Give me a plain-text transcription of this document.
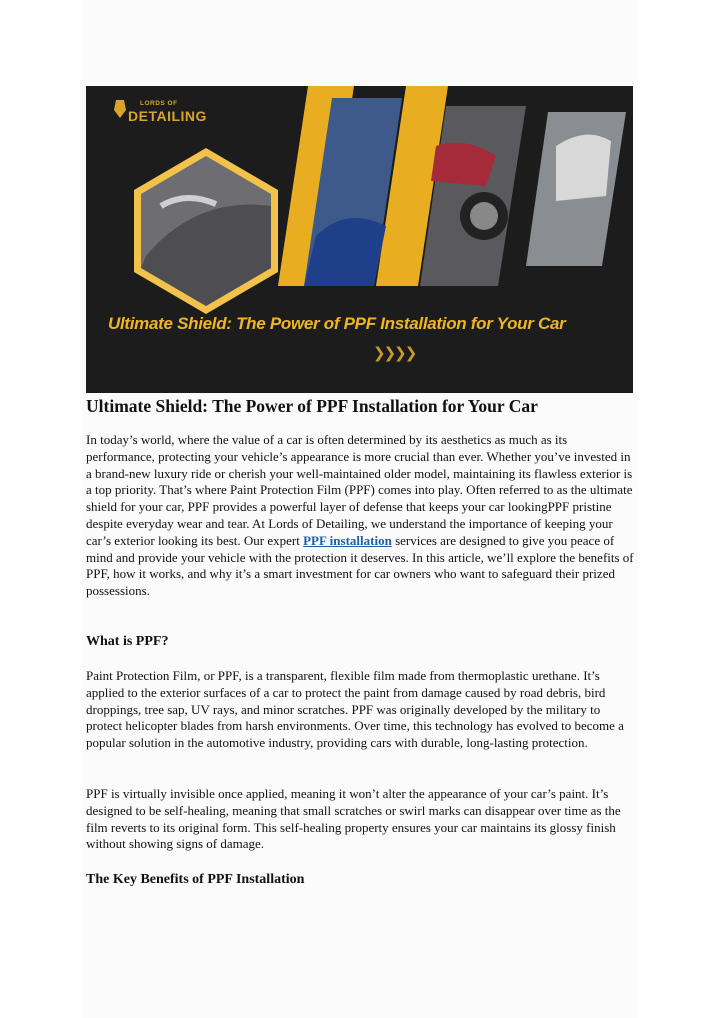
LORDS OF
DETAILING
Ultimate Shield: The Power of PPF Installation for Your Car
❯❯❯❯
Ultimate Shield: The Power of PPF Installation for Your Car

In today’s world, where the value of a car is often determined by its aesthetics as much as its performance, protecting your vehicle’s appearance is more crucial than ever. Whether you’ve invested in a brand-new luxury ride or cherish your well-maintained older model, maintaining its flawless exterior is a top priority. That’s where Paint Protection Film (PPF) comes into play. Often referred to as the ultimate shield for your car, PPF provides a powerful layer of defense that keeps your car lookingPPF pristine despite everyday wear and tear. At Lords of Detailing, we understand the importance of keeping your car’s exterior looking its best. Our expert PPF installation services are designed to give you peace of mind and provide your vehicle with the protection it deserves. In this article, we’ll explore the benefits of PPF, how it works, and why it’s a smart investment for car owners who want to safeguard their prized possessions.

What is PPF?

Paint Protection Film, or PPF, is a transparent, flexible film made from thermoplastic urethane. It’s applied to the exterior surfaces of a car to protect the paint from damage caused by road debris, bird droppings, tree sap, UV rays, and minor scratches. PPF was originally developed by the military to protect helicopter blades from harsh environments. Over time, this technology has evolved to become a popular solution in the automotive industry, providing cars with durable, long-lasting protection.

PPF is virtually invisible once applied, meaning it won’t alter the appearance of your car’s paint. It’s designed to be self-healing, meaning that small scratches or swirl marks can disappear over time as the film reverts to its original form. This self-healing property ensures your car maintains its glossy finish without showing signs of damage.

The Key Benefits of PPF Installation
